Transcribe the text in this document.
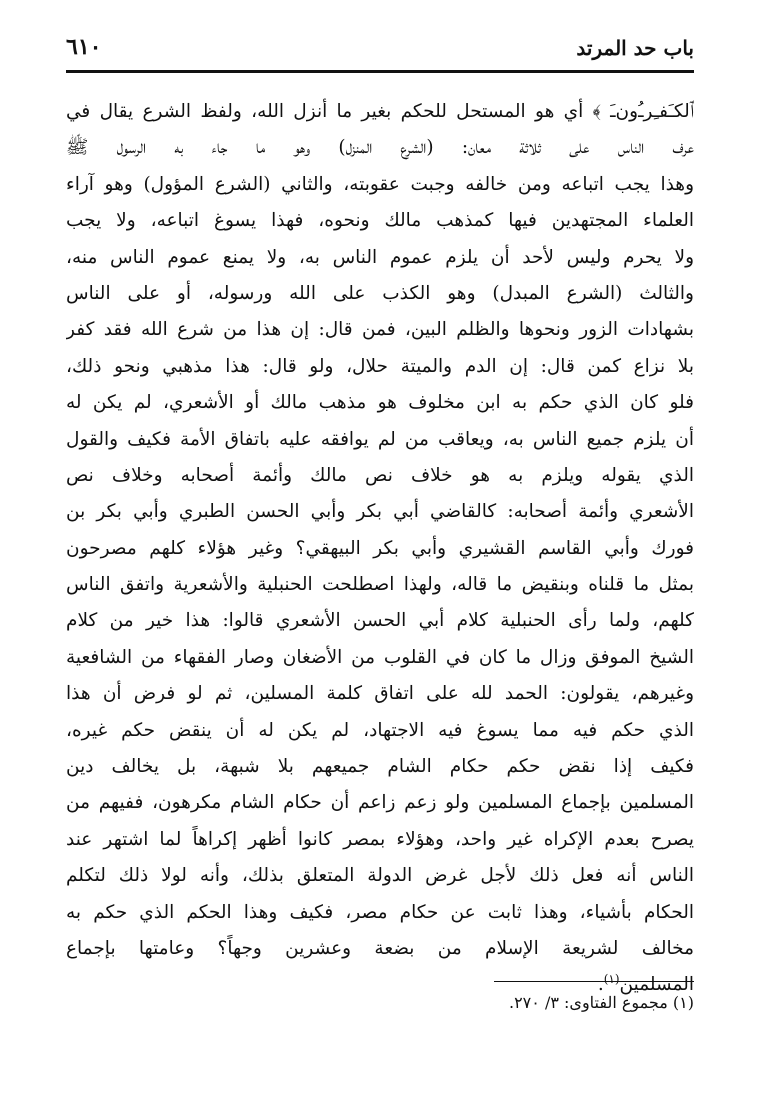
باب حد المرتد
٦١٠
ﭐﻟﻜﹷﻔﹻﺮﹹﻭﻥﹷ ﴾ أي هو المستحل للحكم بغير ما أنزل الله، ولفظ الشرع يقال في
عرف الناس على ثلاثة معان: (الشرع المنزل) وهو ما جاء به الرسول ﷺ
وهذا يجب اتباعه ومن خالفه وجبت عقوبته، والثاني (الشرع المؤول) وهو آراء
العلماء المجتهدين فيها كمذهب مالك ونحوه، فهذا يسوغ اتباعه، ولا يجب
ولا يحرم وليس لأحد أن يلزم عموم الناس به، ولا يمنع عموم الناس منه،
والثالث (الشرع المبدل) وهو الكذب على الله ورسوله، أو على الناس
بشهادات الزور ونحوها والظلم البين، فمن قال: إن هذا من شرع الله فقد كفر
بلا نزاع كمن قال: إن الدم والميتة حلال، ولو قال: هذا مذهبي ونحو ذلك،
فلو كان الذي حكم به ابن مخلوف هو مذهب مالك أو الأشعري، لم يكن له
أن يلزم جميع الناس به، ويعاقب من لم يوافقه عليه باتفاق الأمة فكيف والقول
الذي يقوله ويلزم به هو خلاف نص مالك وأئمة أصحابه وخلاف نص
الأشعري وأئمة أصحابه: كالقاضي أبي بكر وأبي الحسن الطبري وأبي بكر بن
فورك وأبي القاسم القشيري وأبي بكر البيهقي؟ وغير هؤلاء كلهم مصرحون
بمثل ما قلناه وبنقيض ما قاله، ولهذا اصطلحت الحنبلية والأشعرية واتفق الناس
كلهم، ولما رأى الحنبلية كلام أبي الحسن الأشعري قالوا: هذا خير من كلام
الشيخ الموفق وزال ما كان في القلوب من الأضغان وصار الفقهاء من الشافعية
وغيرهم، يقولون: الحمد لله على اتفاق كلمة المسلين، ثم لو فرض أن هذا
الذي حكم فيه مما يسوغ فيه الاجتهاد، لم يكن له أن ينقض حكم غيره،
فكيف إذا نقض حكم حكام الشام جميعهم بلا شبهة، بل يخالف دين
المسلمين بإجماع المسلمين ولو زعم زاعم أن حكام الشام مكرهون، ففيهم من
يصرح بعدم الإكراه غير واحد، وهؤلاء بمصر كانوا أظهر إكراهاً لما اشتهر عند
الناس أنه فعل ذلك لأجل غرض الدولة المتعلق بذلك، وأنه لولا ذلك لتكلم
الحكام بأشياء، وهذا ثابت عن حكام مصر، فكيف وهذا الحكم الذي حكم به
مخالف لشريعة الإسلام من بضعة وعشرين وجهاً؟ وعامتها بإجماع
المسلمين$^{(١)}$.
(١) مجموع الفتاوى: ٣/ ٢٧٠.
